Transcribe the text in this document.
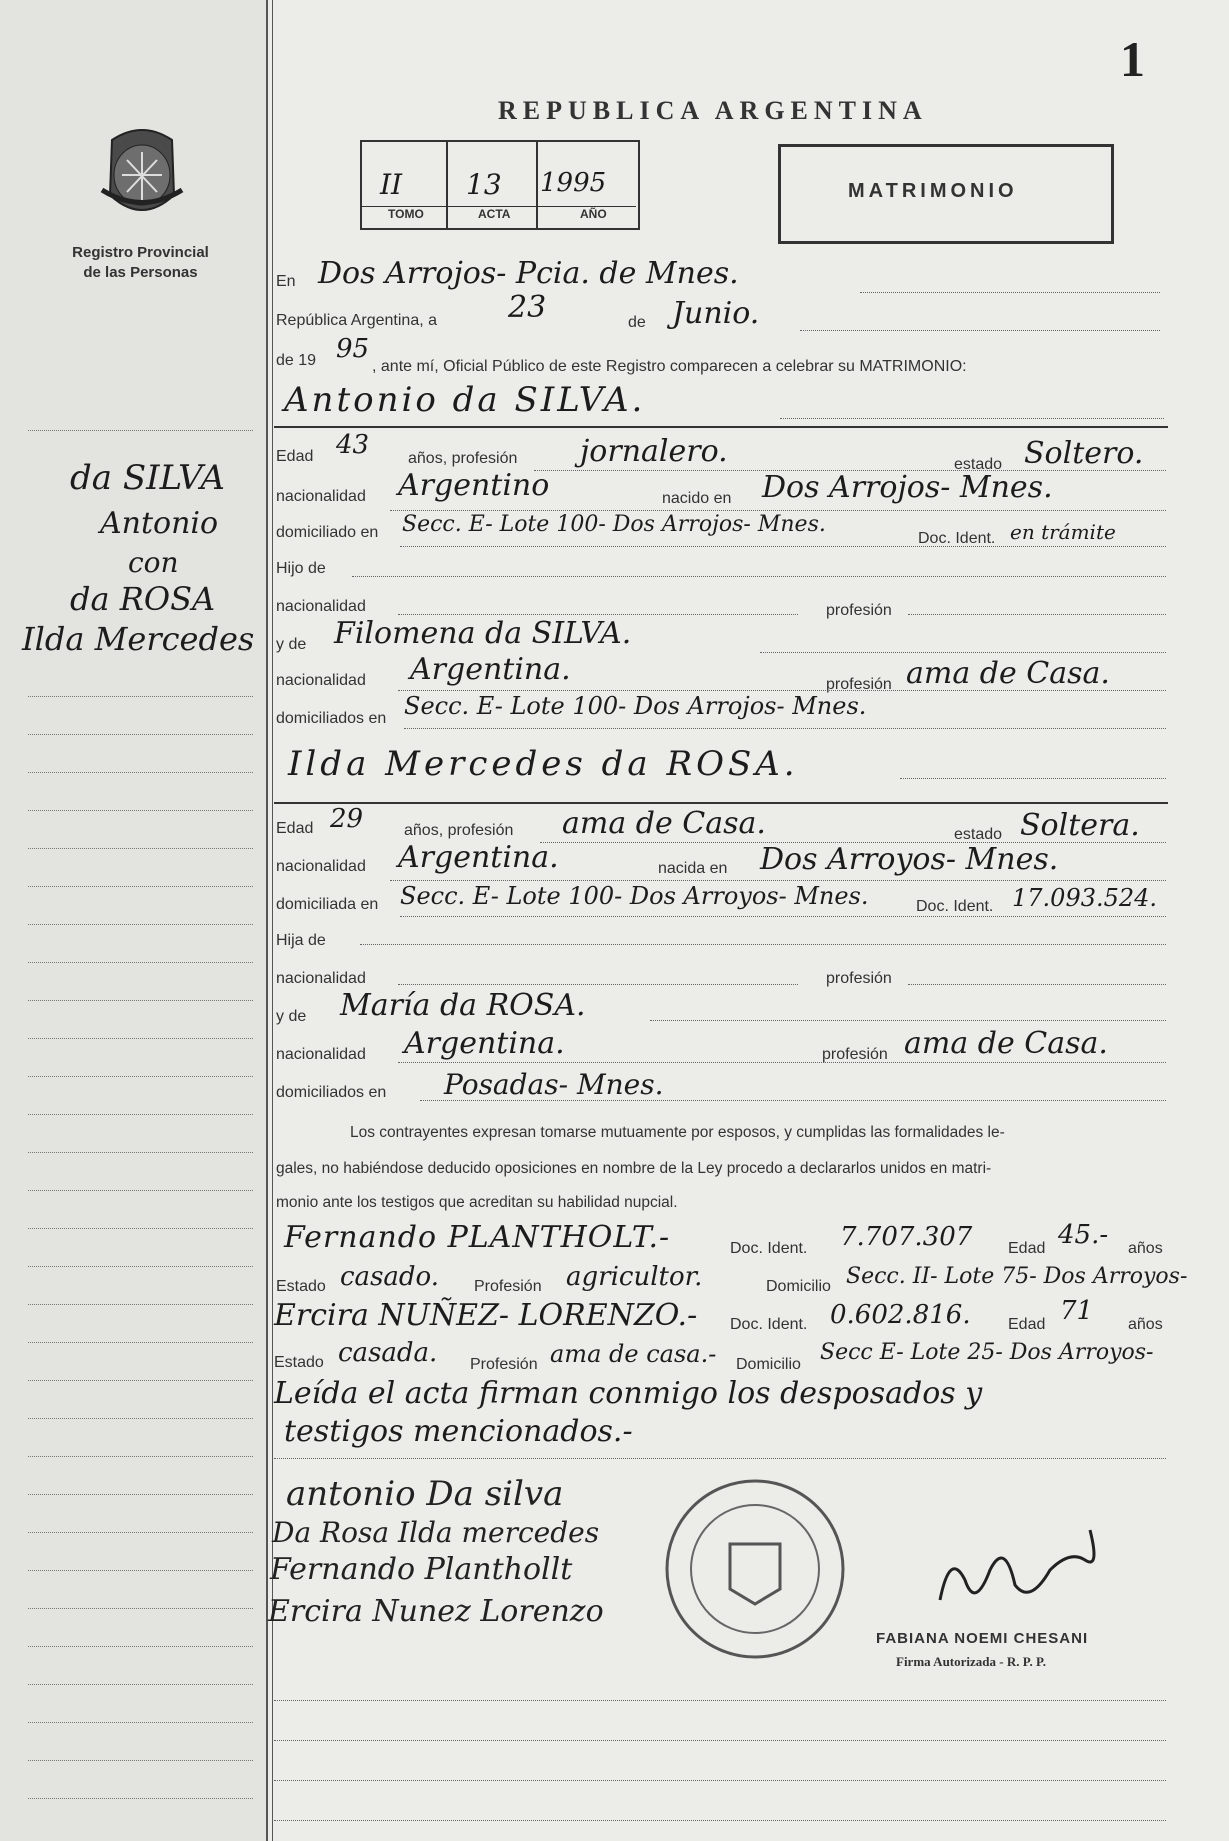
Registro Provincial
de las Personas
da SILVA
Antonio
con
da ROSA
Ilda Mercedes
1
REPUBLICA ARGENTINA
II 13 1995
TOMO	ACTA	AÑO
MATRIMONIO
En Dos Arrojos- Pcia. de Mnes.
República Argentina, a 23	de Junio.
de 19 95
, ante mí, Oficial Público de este Registro comparecen a celebrar su MATRIMONIO:
Antonio da SILVA.
Edad 43 años, profesión jornalero.	estado Soltero.
nacionalidad Argentino	nacido en Dos Arrojos- Mnes.
domiciliado en Secc. E- Lote 100- Dos Arrojos- Mnes.
Doc. Ident. en trámite
Hijo de
nacionalidad	profesión
y de Filomena da SILVA.
nacionalidad Argentina.	profesión ama de Casa.
domiciliados en Secc. E- Lote 100- Dos Arrojos- Mnes.
Ilda Mercedes da ROSA.
Edad 29	años, profesión ama de Casa.	estado Soltera.
nacionalidad Argentina.	nacida en Dos Arroyos- Mnes.
domiciliada en Secc. E- Lote 100- Dos Arroyos- Mnes.	Doc. Ident. 17.093.524.
Hija de
nacionalidad	profesión
y de María da ROSA.
nacionalidad Argentina.	profesión ama de Casa.
domiciliados en Posadas- Mnes.
Los contrayentes expresan tomarse mutuamente por esposos, y cumplidas las formalidades le-
gales, no habiéndose deducido oposiciones en nombre de la Ley procedo a declararlos unidos en matri-
monio ante los testigos que acreditan su habilidad nupcial.
Fernando PLANTHOLT.-	Doc. Ident. 7.707.307 Edad 45.- años
Estado casado. Profesión agricultor.	Domicilio Secc. II- Lote 75- Dos Arroyos-
Ercira NUÑEZ- LORENZO.- Doc. Ident. 0.602.816. Edad 71 años
Estado casada. Profesión ama de casa.- Domicilio Secc E- Lote 25- Dos Arroyos-
Leída el acta firman conmigo los desposados y
testigos mencionados.-
antonio Da silva
Da Rosa Ilda mercedes
Fernando Planthollt
Ercira Nunez Lorenzo
FABIANA NOEMI CHESANI
Firma Autorizada - R. P. P.
